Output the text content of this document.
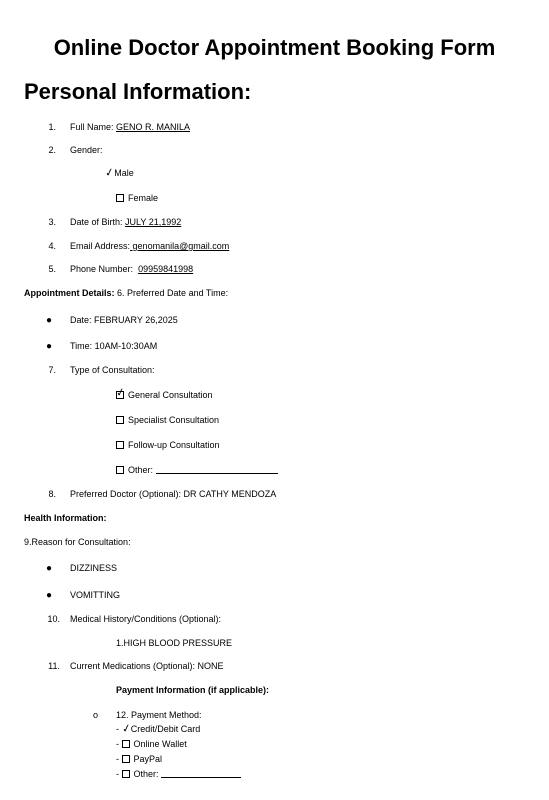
Online Doctor Appointment Booking Form
Personal Information:
1. Full Name: GENO R. MANILA
2. Gender:
✓Male
Female
3. Date of Birth: JULY 21,1992
4. Email Address: genomanila@gmail.com
5. Phone Number: 09959841998
Appointment Details: 6. Preferred Date and Time:
● Date: FEBRUARY 26,2025
● Time: 10AM-10:30AM
7. Type of Consultation:
✓ General Consultation
Specialist Consultation
Follow-up Consultation
Other:
8. Preferred Doctor (Optional): DR CATHY MENDOZA
Health Information:
9.Reason for Consultation:
● DIZZINESS
● VOMITTING
10. Medical History/Conditions (Optional):
1.HIGH BLOOD PRESSURE
11. Current Medications (Optional): NONE
Payment Information (if applicable):
o 12. Payment Method:
- ✓Credit/Debit Card
- Online Wallet
- PayPal
- Other:
